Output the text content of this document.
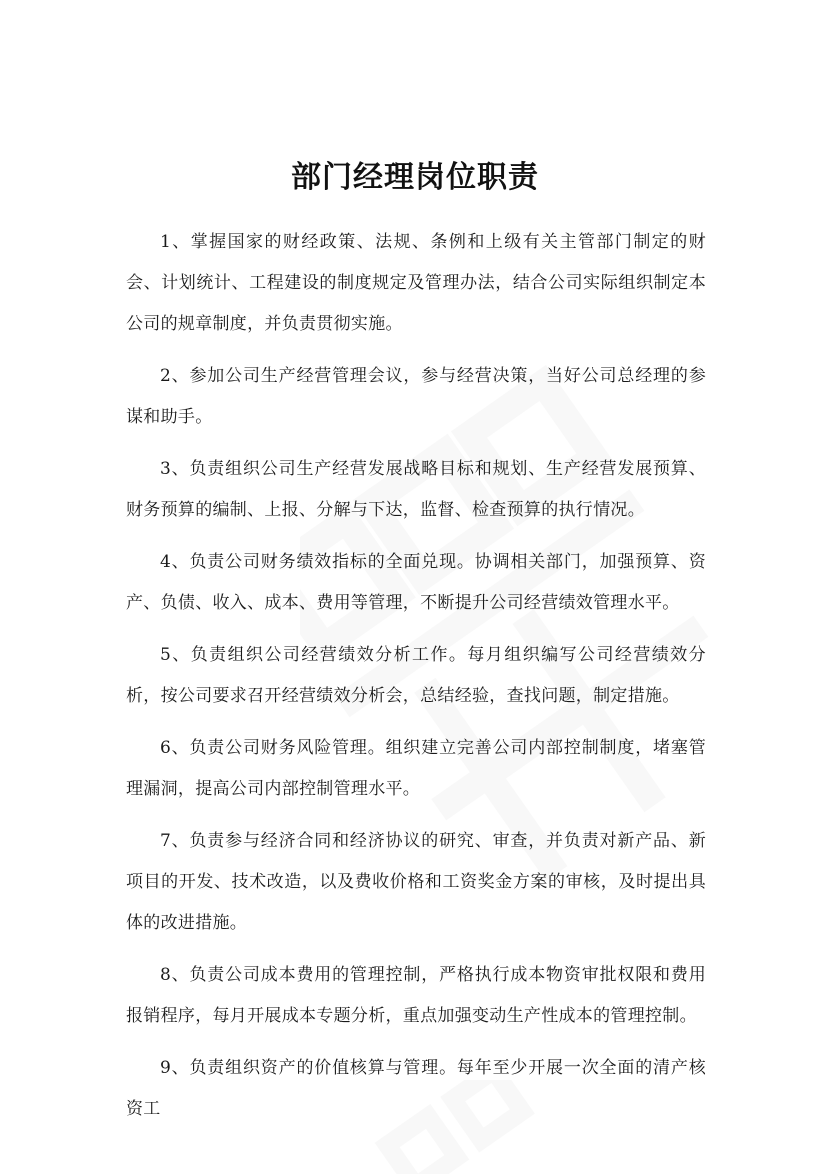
部门经理岗位职责

1、掌握国家的财经政策、法规、条例和上级有关主管部门制定的财会、计划统计、工程建设的制度规定及管理办法，结合公司实际组织制定本公司的规章制度，并负责贯彻实施。

2、参加公司生产经营管理会议，参与经营决策，当好公司总经理的参谋和助手。

3、负责组织公司生产经营发展战略目标和规划、生产经营发展预算、财务预算的编制、上报、分解与下达，监督、检查预算的执行情况。

4、负责公司财务绩效指标的全面兑现。协调相关部门，加强预算、资产、负债、收入、成本、费用等管理，不断提升公司经营绩效管理水平。

5、负责组织公司经营绩效分析工作。每月组织编写公司经营绩效分析，按公司要求召开经营绩效分析会，总结经验，查找问题，制定措施。

6、负责公司财务风险管理。组织建立完善公司内部控制制度，堵塞管理漏洞，提高公司内部控制管理水平。

7、负责参与经济合同和经济协议的研究、审查，并负责对新产品、新项目的开发、技术改造，以及费收价格和工资奖金方案的审核，及时提出具体的改进措施。

8、负责公司成本费用的管理控制，严格执行成本物资审批权限和费用报销程序，每月开展成本专题分析，重点加强变动生产性成本的管理控制。

9、负责组织资产的价值核算与管理。每年至少开展一次全面的清产核资工
